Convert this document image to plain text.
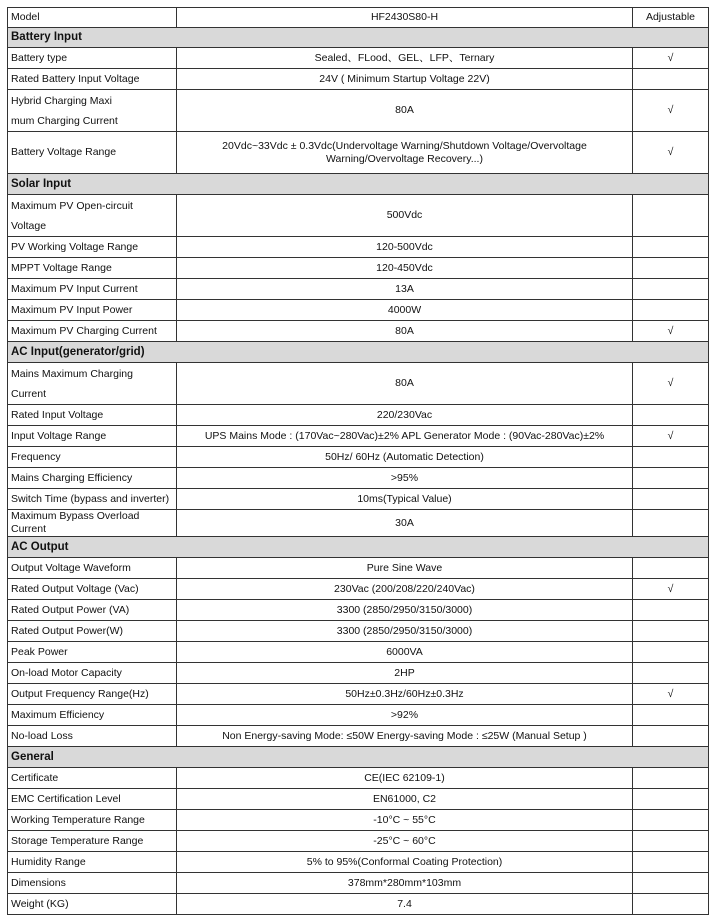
Model	HF2430S80-H	Adjustable
Battery Input		
Battery type	Sealed、FLood、GEL、LFP、Ternary	√
Rated Battery Input Voltage	24V ( Minimum Startup Voltage 22V)	
Hybrid Charging Maxi
mum Charging Current	80A	√
Battery Voltage Range	20Vdc~33Vdc ± 0.3Vdc(Undervoltage Warning/Shutdown Voltage/Overvoltage Warning/Overvoltage Recovery...)	√
Solar Input		
Maximum PV Open-circuit
Voltage	500Vdc	
PV Working Voltage Range	120-500Vdc	
MPPT Voltage Range	120-450Vdc	
Maximum PV Input Current	13A	
Maximum PV Input Power	4000W	
Maximum PV Charging Current	80A	√
AC Input(generator/grid)		
Mains Maximum Charging
Current	80A	√
Rated Input Voltage	220/230Vac	
Input Voltage Range	UPS Mains Mode : (170Vac~280Vac)±2% APL Generator Mode : (90Vac-280Vac)±2%	√
Frequency	50Hz/ 60Hz (Automatic Detection)	
Mains Charging Efficiency	>95%	
Switch Time (bypass and inverter)	10ms(Typical Value)	
Maximum Bypass Overload Current	30A	
AC Output		
Output Voltage Waveform	Pure Sine Wave	
Rated Output Voltage (Vac)	230Vac (200/208/220/240Vac)	√
Rated Output Power (VA)	3300 (2850/2950/3150/3000)	
Rated Output Power(W)	3300 (2850/2950/3150/3000)	
Peak Power	6000VA	
On-load Motor Capacity	2HP	
Output Frequency Range(Hz)	50Hz±0.3Hz/60Hz±0.3Hz	√
Maximum Efficiency	>92%	
No-load Loss	Non Energy-saving Mode: ≤50W Energy-saving Mode : ≤25W (Manual Setup )	
General		
Certificate	CE(IEC 62109-1)	
EMC Certification Level	EN61000, C2	
Working Temperature Range	-10°C ~ 55°C	
Storage Temperature Range	-25°C ~ 60°C	
Humidity Range	5% to 95%(Conformal Coating Protection)	
Dimensions	378mm*280mm*103mm	
Weight (KG)	7.4	
